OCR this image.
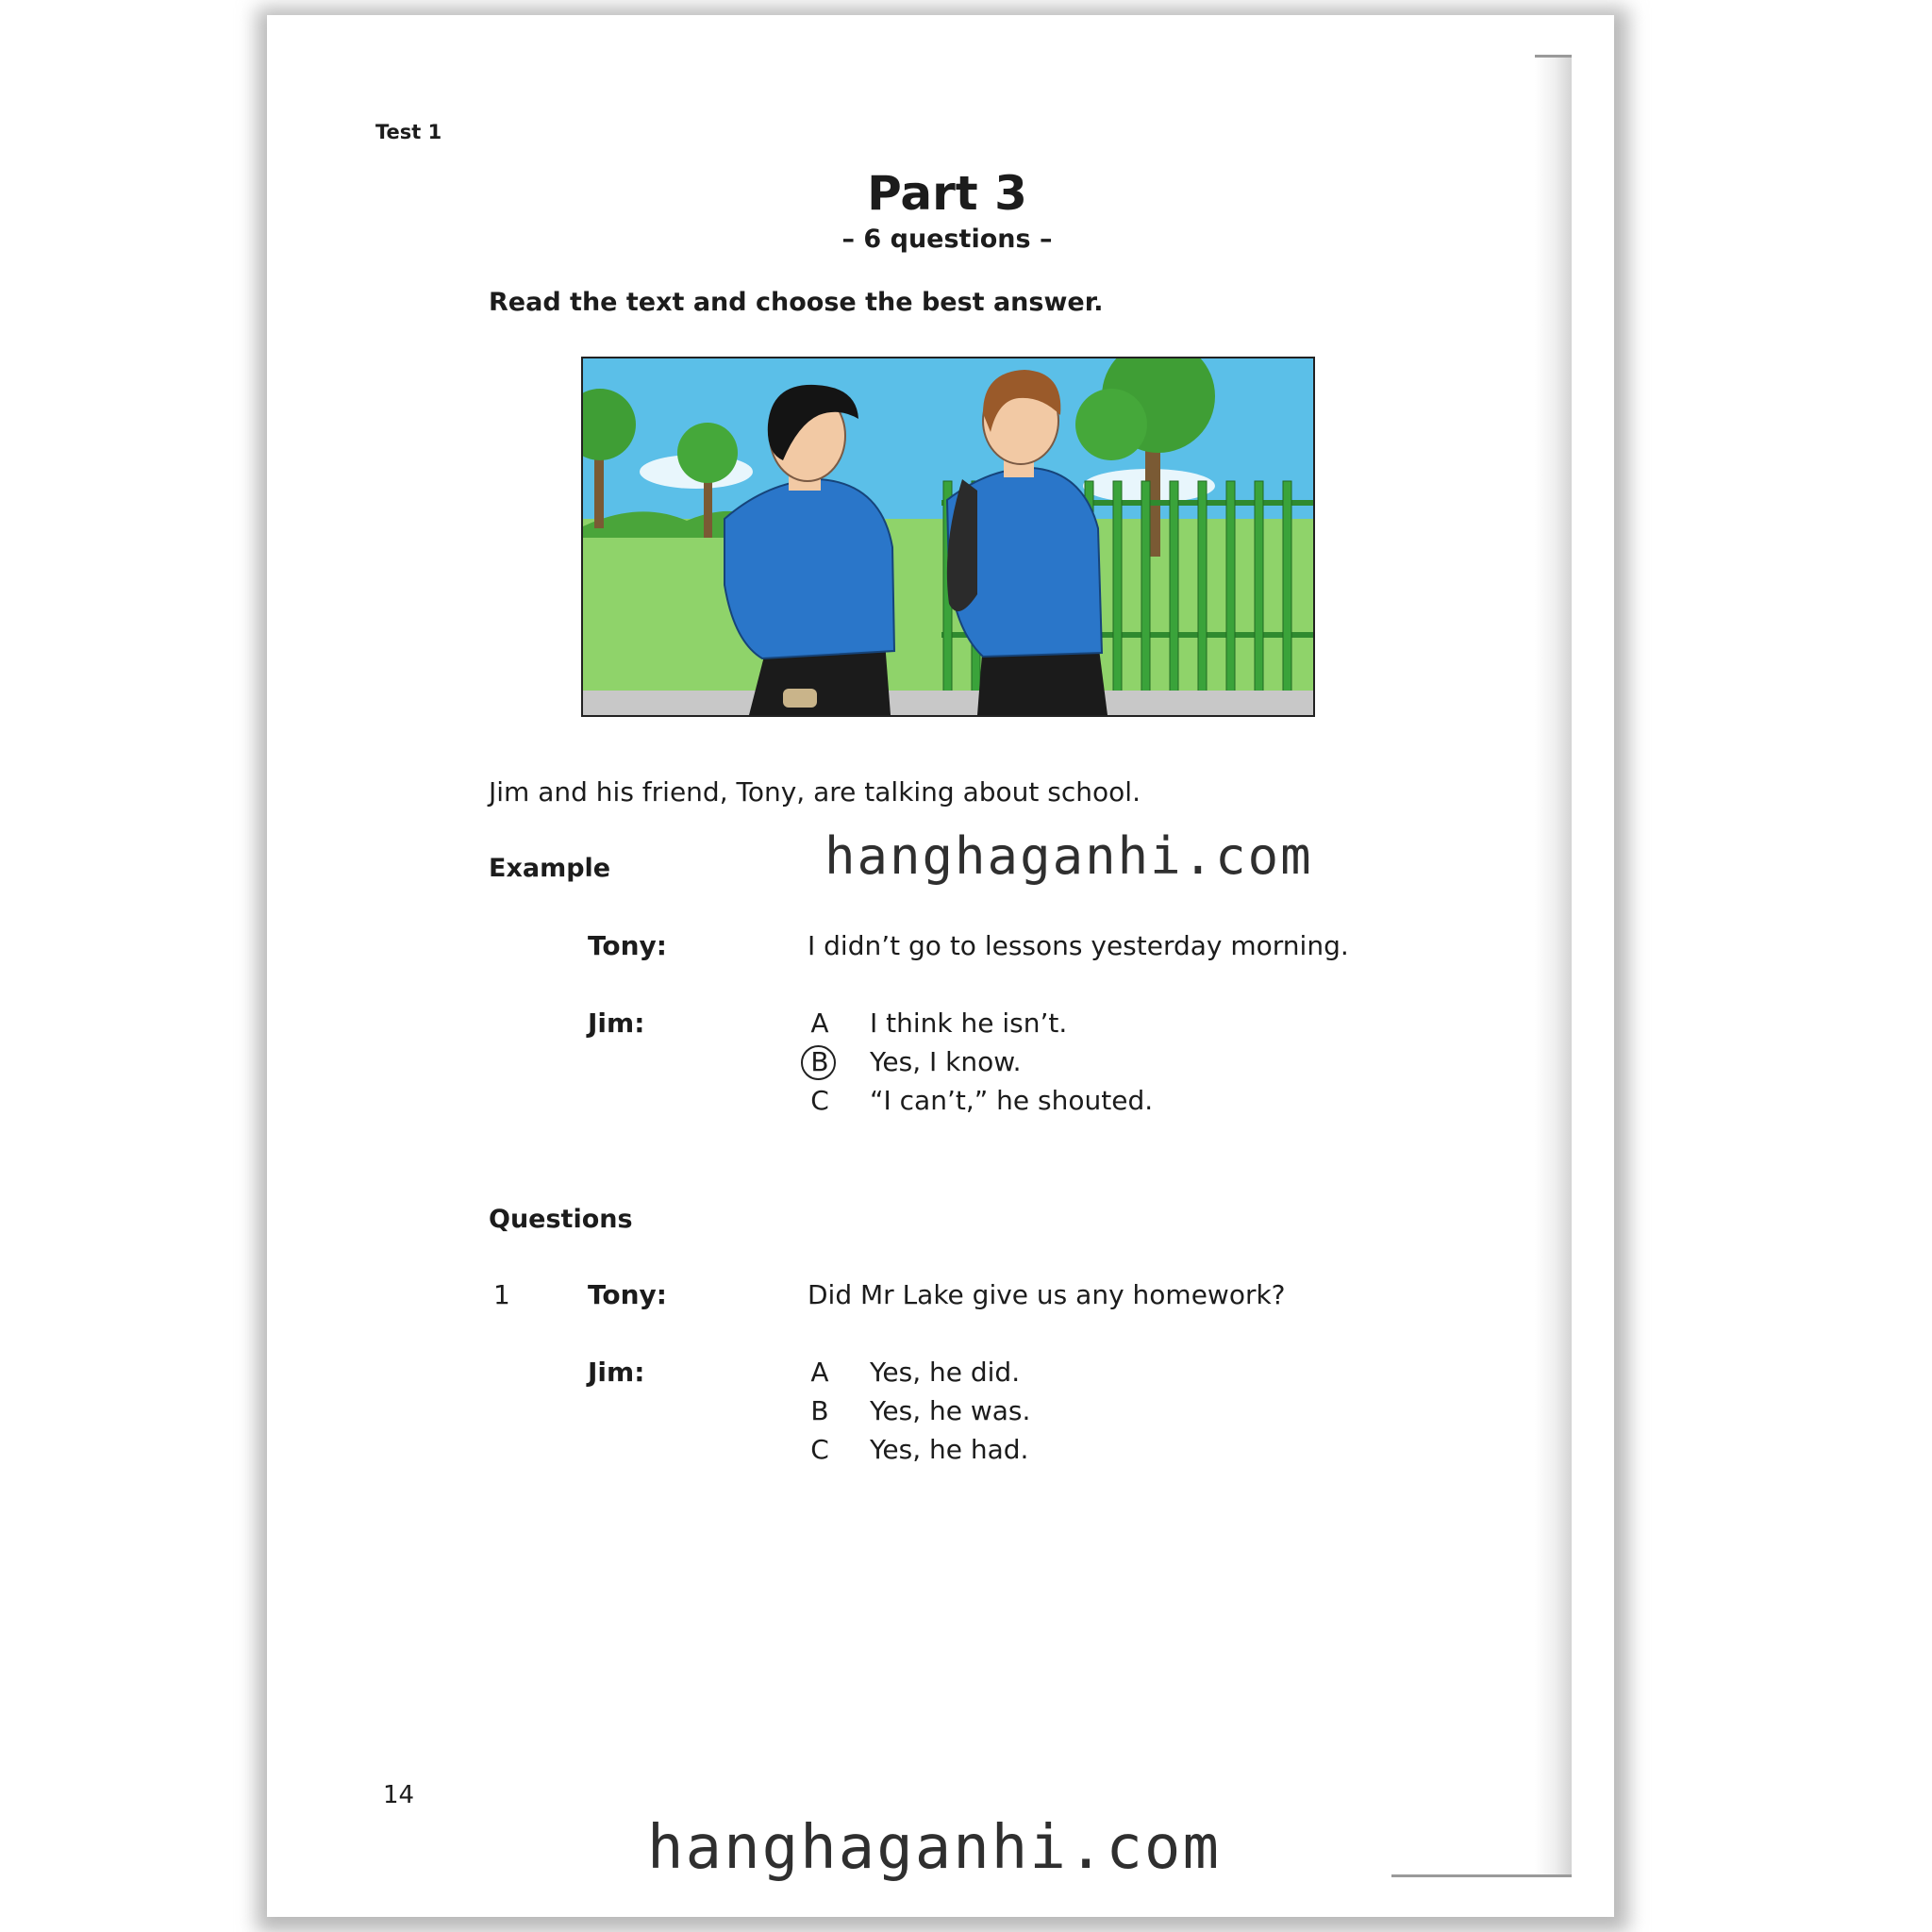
Test 1
Part 3
– 6 questions –
Read the text and choose the best answer.
Jim and his friend, Tony, are talking about school.
Example
Tony:	I didn’t go to lessons yesterday morning.
Jim:	A I think he isn’t.
B Yes, I know.
C “I can’t,” he shouted.
Questions
1	Tony:	Did Mr Lake give us any homework?
Jim:	A Yes, he did.
B Yes, he was.
C Yes, he had.
14
hanghaganhi.com
hanghaganhi.com
